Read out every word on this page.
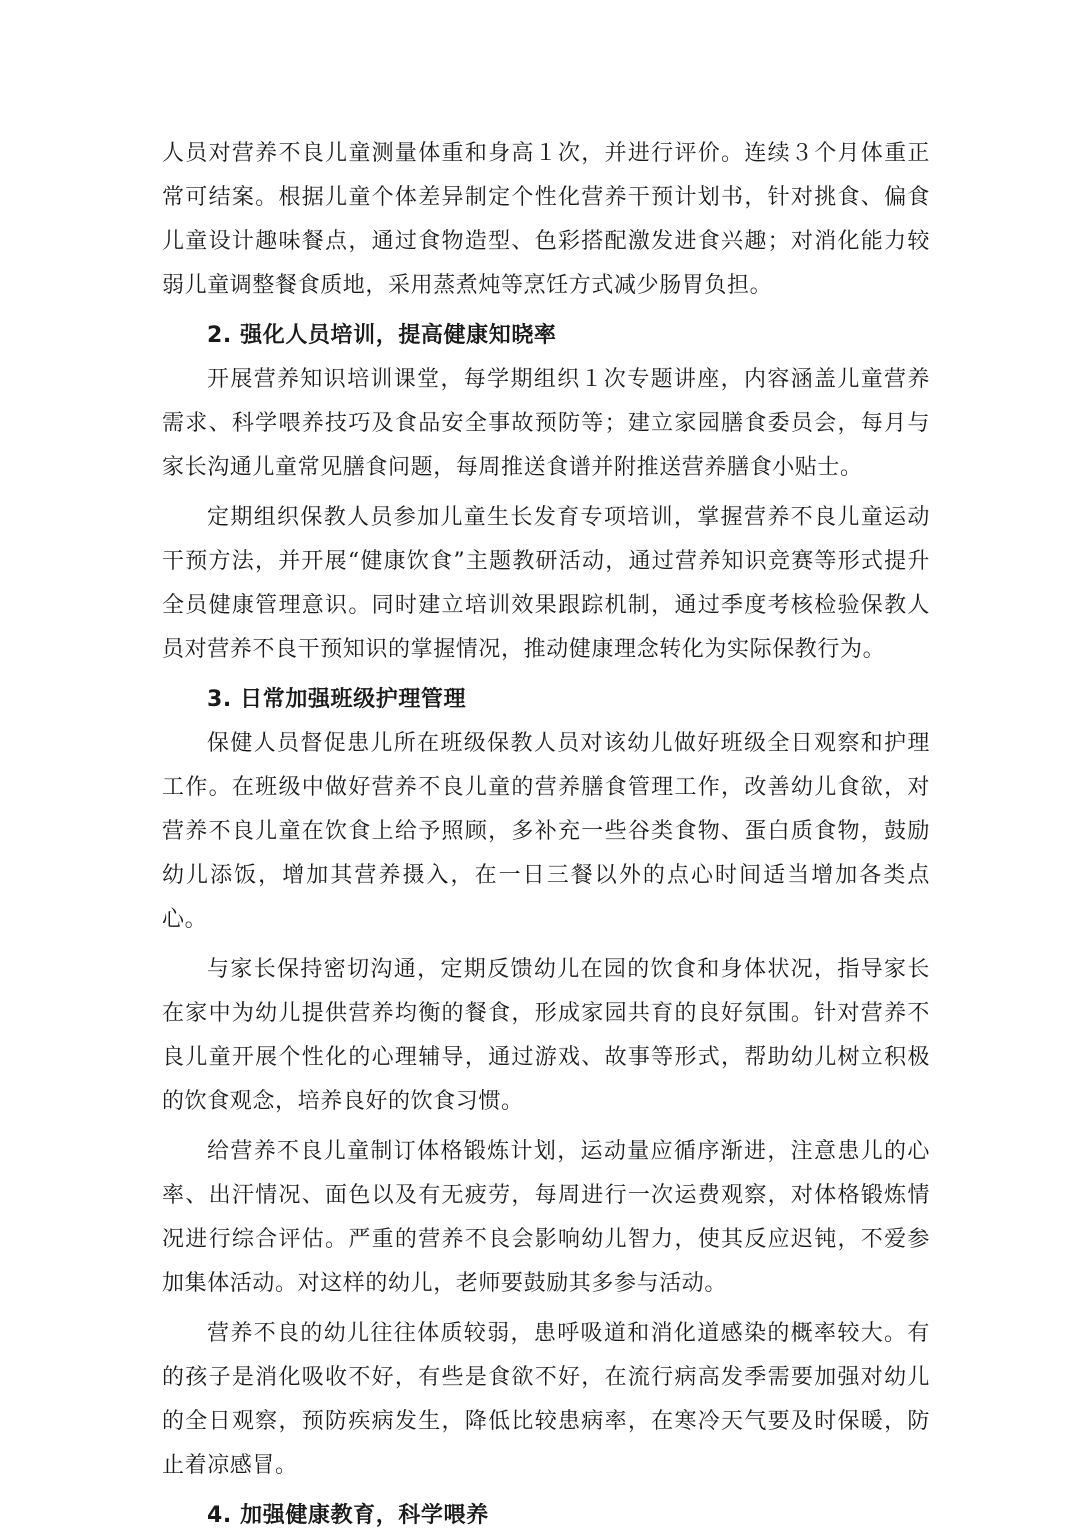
人员对营养不良儿童测量体重和身高１次，并进行评价。连续３个月体重正常可结案。根据儿童个体差异制定个性化营养干预计划书，针对挑食、偏食儿童设计趣味餐点，通过食物造型、色彩搭配激发进食兴趣；对消化能力较弱儿童调整餐食质地，采用蒸煮炖等烹饪方式减少肠胃负担。

2. 强化人员培训，提高健康知晓率

开展营养知识培训课堂，每学期组织１次专题讲座，内容涵盖儿童营养需求、科学喂养技巧及食品安全事故预防等；建立家园膳食委员会，每月与家长沟通儿童常见膳食问题，每周推送食谱并附推送营养膳食小贴士。

定期组织保教人员参加儿童生长发育专项培训，掌握营养不良儿童运动干预方法，并开展“健康饮食”主题教研活动，通过营养知识竞赛等形式提升全员健康管理意识。同时建立培训效果跟踪机制，通过季度考核检验保教人员对营养不良干预知识的掌握情况，推动健康理念转化为实际保教行为。

3. 日常加强班级护理管理

保健人员督促患儿所在班级保教人员对该幼儿做好班级全日观察和护理工作。在班级中做好营养不良儿童的营养膳食管理工作，改善幼儿食欲，对营养不良儿童在饮食上给予照顾，多补充一些谷类食物、蛋白质食物，鼓励幼儿添饭，增加其营养摄入，在一日三餐以外的点心时间适当增加各类点心。

与家长保持密切沟通，定期反馈幼儿在园的饮食和身体状况，指导家长在家中为幼儿提供营养均衡的餐食，形成家园共育的良好氛围。针对营养不良儿童开展个性化的心理辅导，通过游戏、故事等形式，帮助幼儿树立积极的饮食观念，培养良好的饮食习惯。

给营养不良儿童制订体格锻炼计划，运动量应循序渐进，注意患儿的心率、出汗情况、面色以及有无疲劳，每周进行一次运费观察，对体格锻炼情况进行综合评估。严重的营养不良会影响幼儿智力，使其反应迟钝，不爱参加集体活动。对这样的幼儿，老师要鼓励其多参与活动。

营养不良的幼儿往往体质较弱，患呼吸道和消化道感染的概率较大。有的孩子是消化吸收不好，有些是食欲不好，在流行病高发季需要加强对幼儿的全日观察，预防疾病发生，降低比较患病率，在寒冷天气要及时保暖，防止着凉感冒。

4. 加强健康教育，科学喂养
